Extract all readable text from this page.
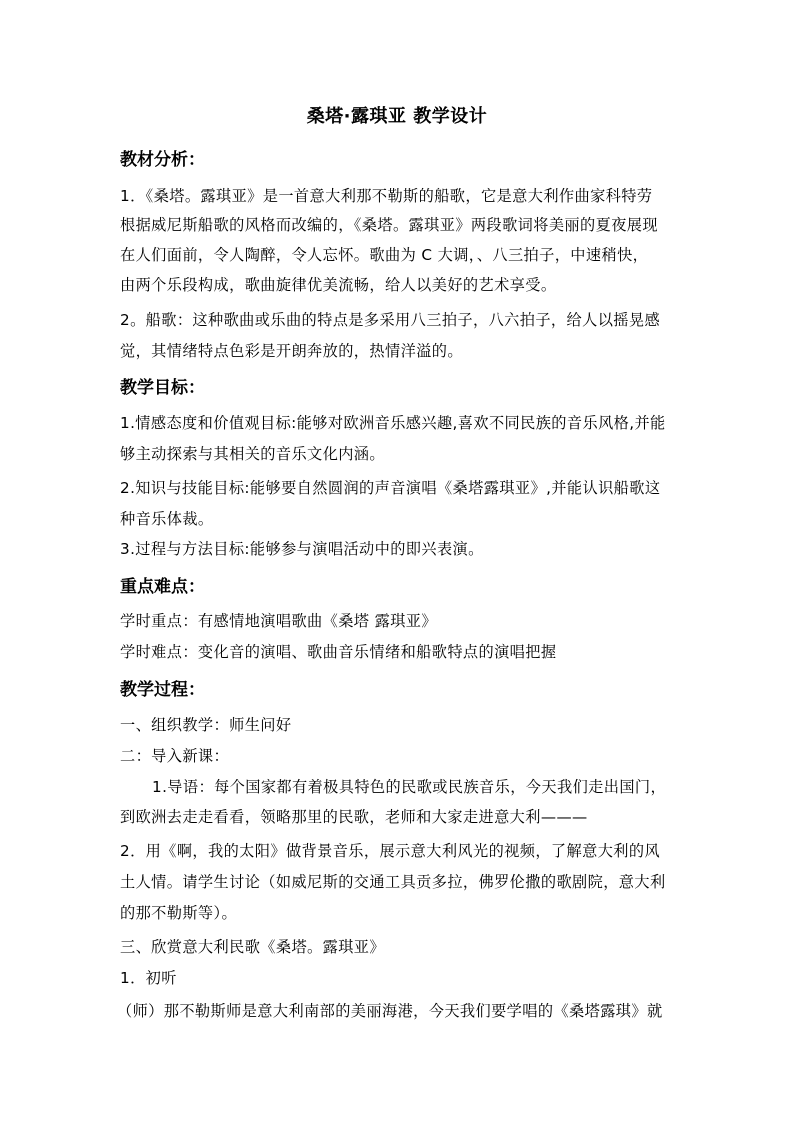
桑塔·露琪亚 教学设计
教材分析：
1．《桑塔。露琪亚》是一首意大利那不勒斯的船歌，它是意大利作曲家科特劳
根据威尼斯船歌的风格而改编的，《桑塔。露琪亚》两段歌词将美丽的夏夜展现
在人们面前，令人陶醉，令人忘怀。歌曲为 C 大调，、八三拍子，中速稍快，
由两个乐段构成，歌曲旋律优美流畅，给人以美好的艺术享受。
2。船歌：这种歌曲或乐曲的特点是多采用八三拍子，八六拍子，给人以摇晃感
觉，其情绪特点色彩是开朗奔放的，热情洋溢的。
教学目标：
1.情感态度和价值观目标:能够对欧洲音乐感兴趣,喜欢不同民族的音乐风格,并能
够主动探索与其相关的音乐文化内涵。
2.知识与技能目标:能够要自然圆润的声音演唱《桑塔露琪亚》,并能认识船歌这
种音乐体裁。
3.过程与方法目标:能够参与演唱活动中的即兴表演。
重点难点：
学时重点：有感情地演唱歌曲《桑塔 露琪亚》
学时难点：变化音的演唱、歌曲音乐情绪和船歌特点的演唱把握
教学过程：
一、组织教学：师生问好
二：导入新课：
1.导语：每个国家都有着极具特色的民歌或民族音乐，今天我们走出国门，
到欧洲去走走看看，领略那里的民歌，老师和大家走进意大利———
2．用《啊，我的太阳》做背景音乐，展示意大利风光的视频，了解意大利的风
土人情。请学生讨论（如威尼斯的交通工具贡多拉，佛罗伦撒的歌剧院，意大利
的那不勒斯等）。
三、欣赏意大利民歌《桑塔。露琪亚》
1．初听
（师）那不勒斯师是意大利南部的美丽海港，今天我们要学唱的《桑塔露琪》就
